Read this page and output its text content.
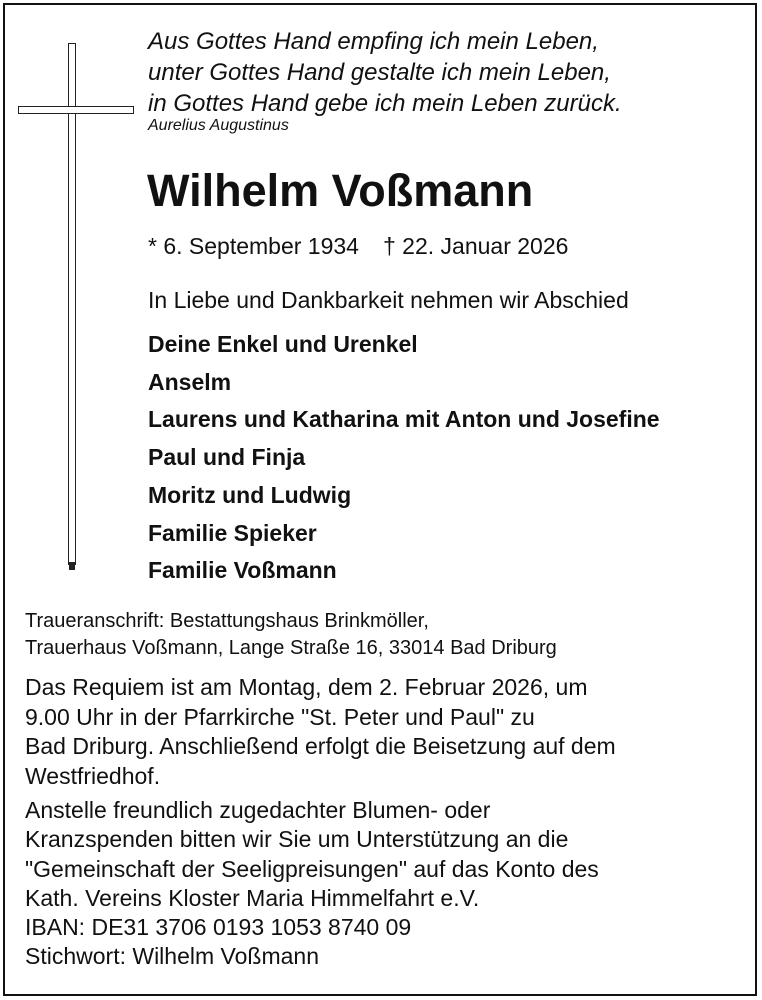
Aus Gottes Hand empfing ich mein Leben,
unter Gottes Hand gestalte ich mein Leben,
in Gottes Hand gebe ich mein Leben zurück.
Aurelius Augustinus
Wilhelm Voßmann
* 6. September 1934 † 22. Januar 2026
In Liebe und Dankbarkeit nehmen wir Abschied
Deine Enkel und Urenkel
Anselm
Laurens und Katharina mit Anton und Josefine
Paul und Finja
Moritz und Ludwig
Familie Spieker
Familie Voßmann
Traueranschrift: Bestattungshaus Brinkmöller,
Trauerhaus Voßmann, Lange Straße 16, 33014 Bad Driburg
Das Requiem ist am Montag, dem 2. Februar 2026, um
9.00 Uhr in der Pfarrkirche "St. Peter und Paul" zu
Bad Driburg. Anschließend erfolgt die Beisetzung auf dem
Westfriedhof.
Anstelle freundlich zugedachter Blumen- oder
Kranzspenden bitten wir Sie um Unterstützung an die
"Gemeinschaft der Seeligpreisungen" auf das Konto des
Kath. Vereins Kloster Maria Himmelfahrt e.V.
IBAN: DE31 3706 0193 1053 8740 09
Stichwort: Wilhelm Voßmann
